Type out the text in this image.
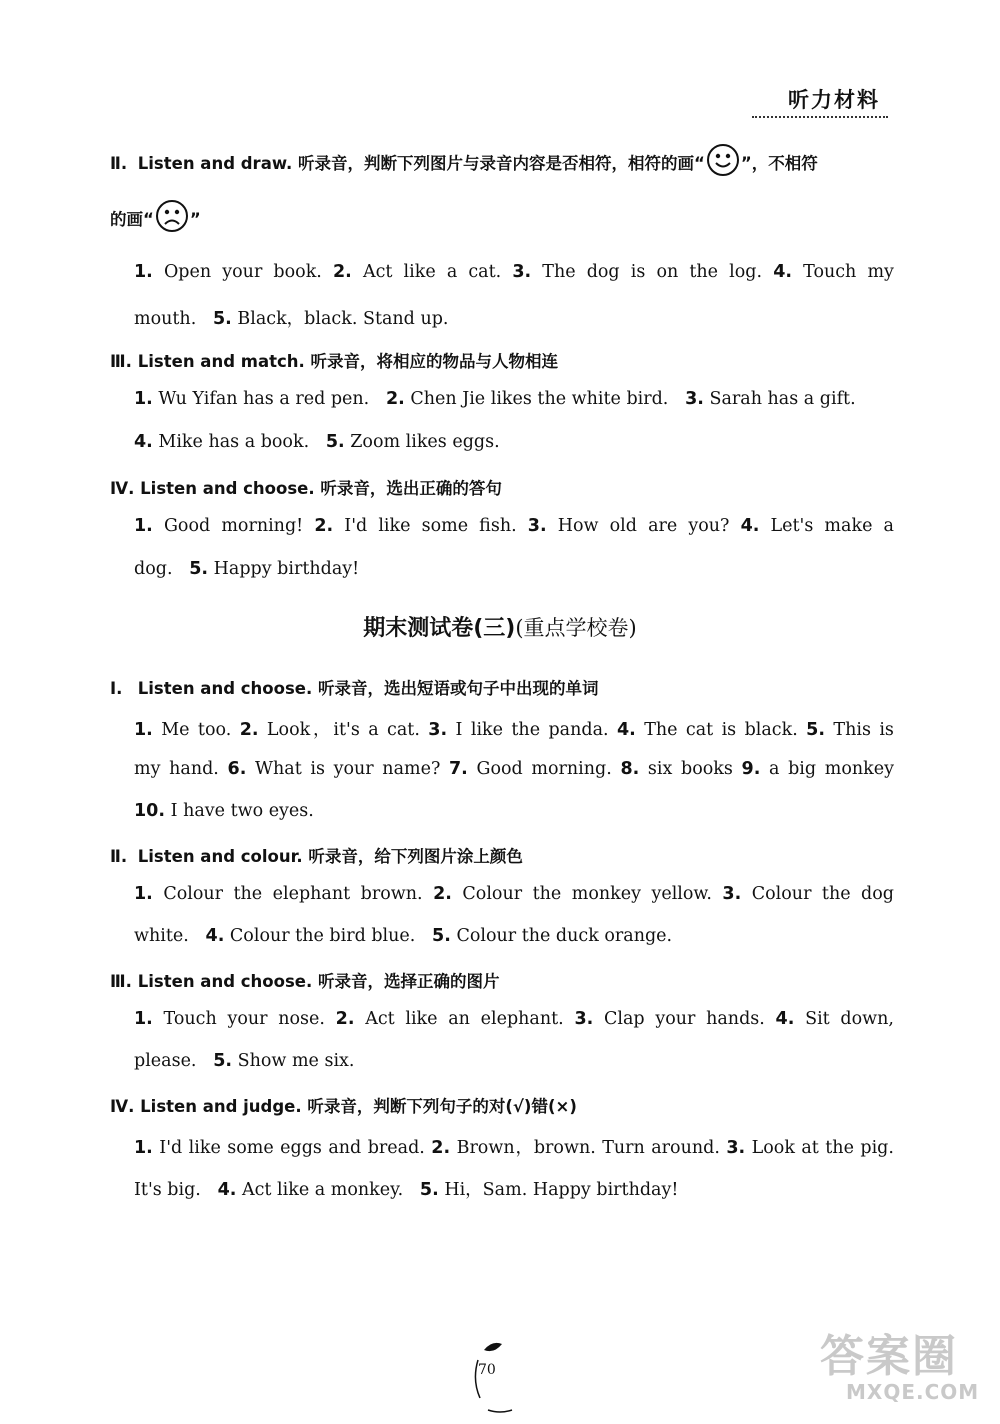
听力材料
Ⅱ. Listen and draw. 听录音，判断下列图片与录音内容是否相符，相符的画“ ”，不相符
的画“ ”
1. Open your book. 2. Act like a cat. 3. The dog is on the log. 4. Touch my
mouth. 5. Black，black. Stand up.
Ⅲ. Listen and match. 听录音，将相应的物品与人物相连
1. Wu Yifan has a red pen. 2. Chen Jie likes the white bird. 3. Sarah has a gift.
4. Mike has a book. 5. Zoom likes eggs.
Ⅳ. Listen and choose. 听录音，选出正确的答句
1. Good morning! 2. I'd like some fish. 3. How old are you? 4. Let's make a
dog. 5. Happy birthday!
期末测试卷(三)(重点学校卷)
Ⅰ. Listen and choose. 听录音，选出短语或句子中出现的单词
1. Me too. 2. Look，it's a cat. 3. I like the panda. 4. The cat is black. 5. This is
my hand. 6. What is your name? 7. Good morning. 8. six books 9. a big monkey
10. I have two eyes.
Ⅱ. Listen and colour. 听录音，给下列图片涂上颜色
1. Colour the elephant brown. 2. Colour the monkey yellow. 3. Colour the dog
white. 4. Colour the bird blue. 5. Colour the duck orange.
Ⅲ. Listen and choose. 听录音，选择正确的图片
1. Touch your nose. 2. Act like an elephant. 3. Clap your hands. 4. Sit down,
please. 5. Show me six.
Ⅳ. Listen and judge. 听录音，判断下列句子的对(√)错(×)
1. I'd like some eggs and bread. 2. Brown，brown. Turn around. 3. Look at the pig.
It's big. 4. Act like a monkey. 5. Hi，Sam. Happy birthday!
70	答案圈
MXQE.COM
